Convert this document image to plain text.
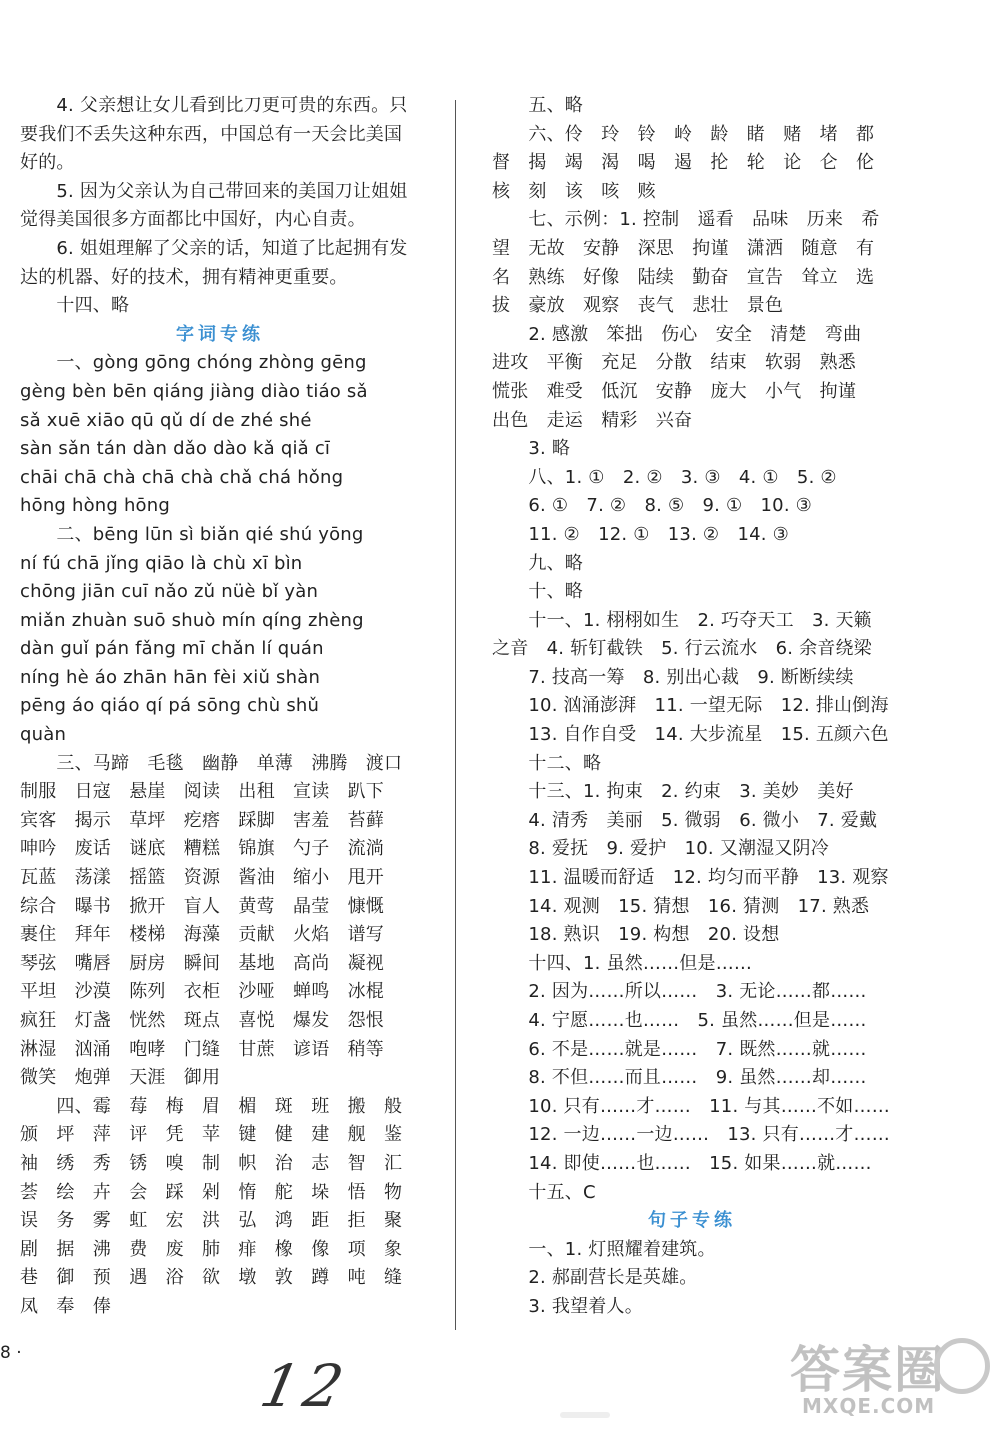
　　4. 父亲想让女儿看到比刀更可贵的东西。只
要我们不丢失这种东西，中国总有一天会比美国
好的。
　　5. 因为父亲认为自己带回来的美国刀让姐姐
觉得美国很多方面都比中国好，内心自责。
　　6. 姐姐理解了父亲的话，知道了比起拥有发
达的机器、好的技术，拥有精神更重要。
　　十四、略
字词专练
　　一、gòng gōng chóng zhòng gēng
gèng bèn bēn qiáng jiàng diào tiáo sǎ
sǎ xuē xiāo qū qǔ dí de zhé shé
sàn sǎn tán dàn dǎo dào kǎ qiǎ cī
chāi chā chà chā chà chǎ chá hǒng
hōng hòng hōng
　　二、bēng lūn sì biǎn qié shú yōng
ní fú chā jǐng qiāo là chù xī bìn
chōng jiān cuī nǎo zǔ nüè bǐ yàn
miǎn zhuàn suō shuò mín qíng zhèng
dàn guǐ pán fǎng mī chǎn lí quán
níng hè áo zhān hān fèi xiǔ shàn
pēng áo qiáo qí pá sōng chù shǔ
quàn
　　三、马蹄　毛毯　幽静　单薄　沸腾　渡口
制服　日寇　悬崖　阅读　出租　宣读　趴下
宾客　揭示　草坪　疙瘩　踩脚　害羞　苔藓
呻吟　废话　谜底　糟糕　锦旗　勺子　流淌
瓦蓝　荡漾　摇篮　资源　酱油　缩小　甩开
综合　曝书　掀开　盲人　黄莺　晶莹　慷慨
裹住　拜年　楼梯　海藻　贡献　火焰　谱写
琴弦　嘴唇　厨房　瞬间　基地　高尚　凝视
平坦　沙漠　陈列　衣柜　沙哑　蝉鸣　冰棍
疯狂　灯盏　恍然　斑点　喜悦　爆发　怨恨
淋湿　汹涌　咆哮　门缝　甘蔗　谚语　稍等
微笑　炮弹　天涯　御用
　　四、霉　莓　梅　眉　楣　斑　班　搬　般
颁　坪　萍　评　凭　苹　键　健　建　舰　鉴
袖　绣　秀　锈　嗅　制　帜　治　志　智　汇
荟　绘　卉　会　踩　剁　惰　舵　垛　悟　物
误　务　雾　虹　宏　洪　弘　鸿　距　拒　聚
剧　据　沸　费　废　肺　痱　橡　像　项　象
巷　御　预　遇　浴　欲　墩　敦　蹲　吨　缝
凤　奉　俸
　　五、略
　　六、伶　玲　铃　岭　龄　睹　赌　堵　都
督　揭　竭　渴　喝　遏　抡　轮　论　仑　伦
核　刻　该　咳　赅
　　七、示例：1. 控制　遥看　品味　历来　希
望　无故　安静　深思　拘谨　潇洒　随意　有
名　熟练　好像　陆续　勤奋　宣告　耸立　选
拔　豪放　观察　丧气　悲壮　景色
　　2. 感激　笨拙　伤心　安全　清楚　弯曲
进攻　平衡　充足　分散　结束　软弱　熟悉
慌张　难受　低沉　安静　庞大　小气　拘谨
出色　走运　精彩　兴奋
　　3. 略
　　八、1. ①　2. ②　3. ③　4. ①　5. ②
　　6. ①　7. ②　8. ⑤　9. ①　10. ③
　　11. ②　12. ①　13. ②　14. ③
　　九、略
　　十、略
　　十一、1. 栩栩如生　2. 巧夺天工　3. 天籁
之音　4. 斩钉截铁　5. 行云流水　6. 余音绕梁
　　7. 技高一筹　8. 别出心裁　9. 断断续续
　　10. 汹涌澎湃　11. 一望无际　12. 排山倒海
　　13. 自作自受　14. 大步流星　15. 五颜六色
　　十二、略
　　十三、1. 拘束　2. 约束　3. 美妙　美好
　　4. 清秀　美丽　5. 微弱　6. 微小　7. 爱戴
　　8. 爱抚　9. 爱护　10. 又潮湿又阴冷
　　11. 温暖而舒适　12. 均匀而平静　13. 观察
　　14. 观测　15. 猜想　16. 猜测　17. 熟悉
　　18. 熟识　19. 构想　20. 设想
　　十四、1. 虽然……但是……
　　2. 因为……所以……　3. 无论……都……
　　4. 宁愿……也……　5. 虽然……但是……
　　6. 不是……就是……　7. 既然……就……
　　8. 不但……而且……　9. 虽然……却……
　　10. 只有……才……　11. 与其……不如……
　　12. 一边……一边……　13. 只有……才……
　　14. 即使……也……　15. 如果……就……
　　十五、C
句子专练
　　一、1. 灯照耀着建筑。
　　2. 郝副营长是英雄。
　　3. 我望着人。
8 ·	12	答案圈
MXQE.COM
